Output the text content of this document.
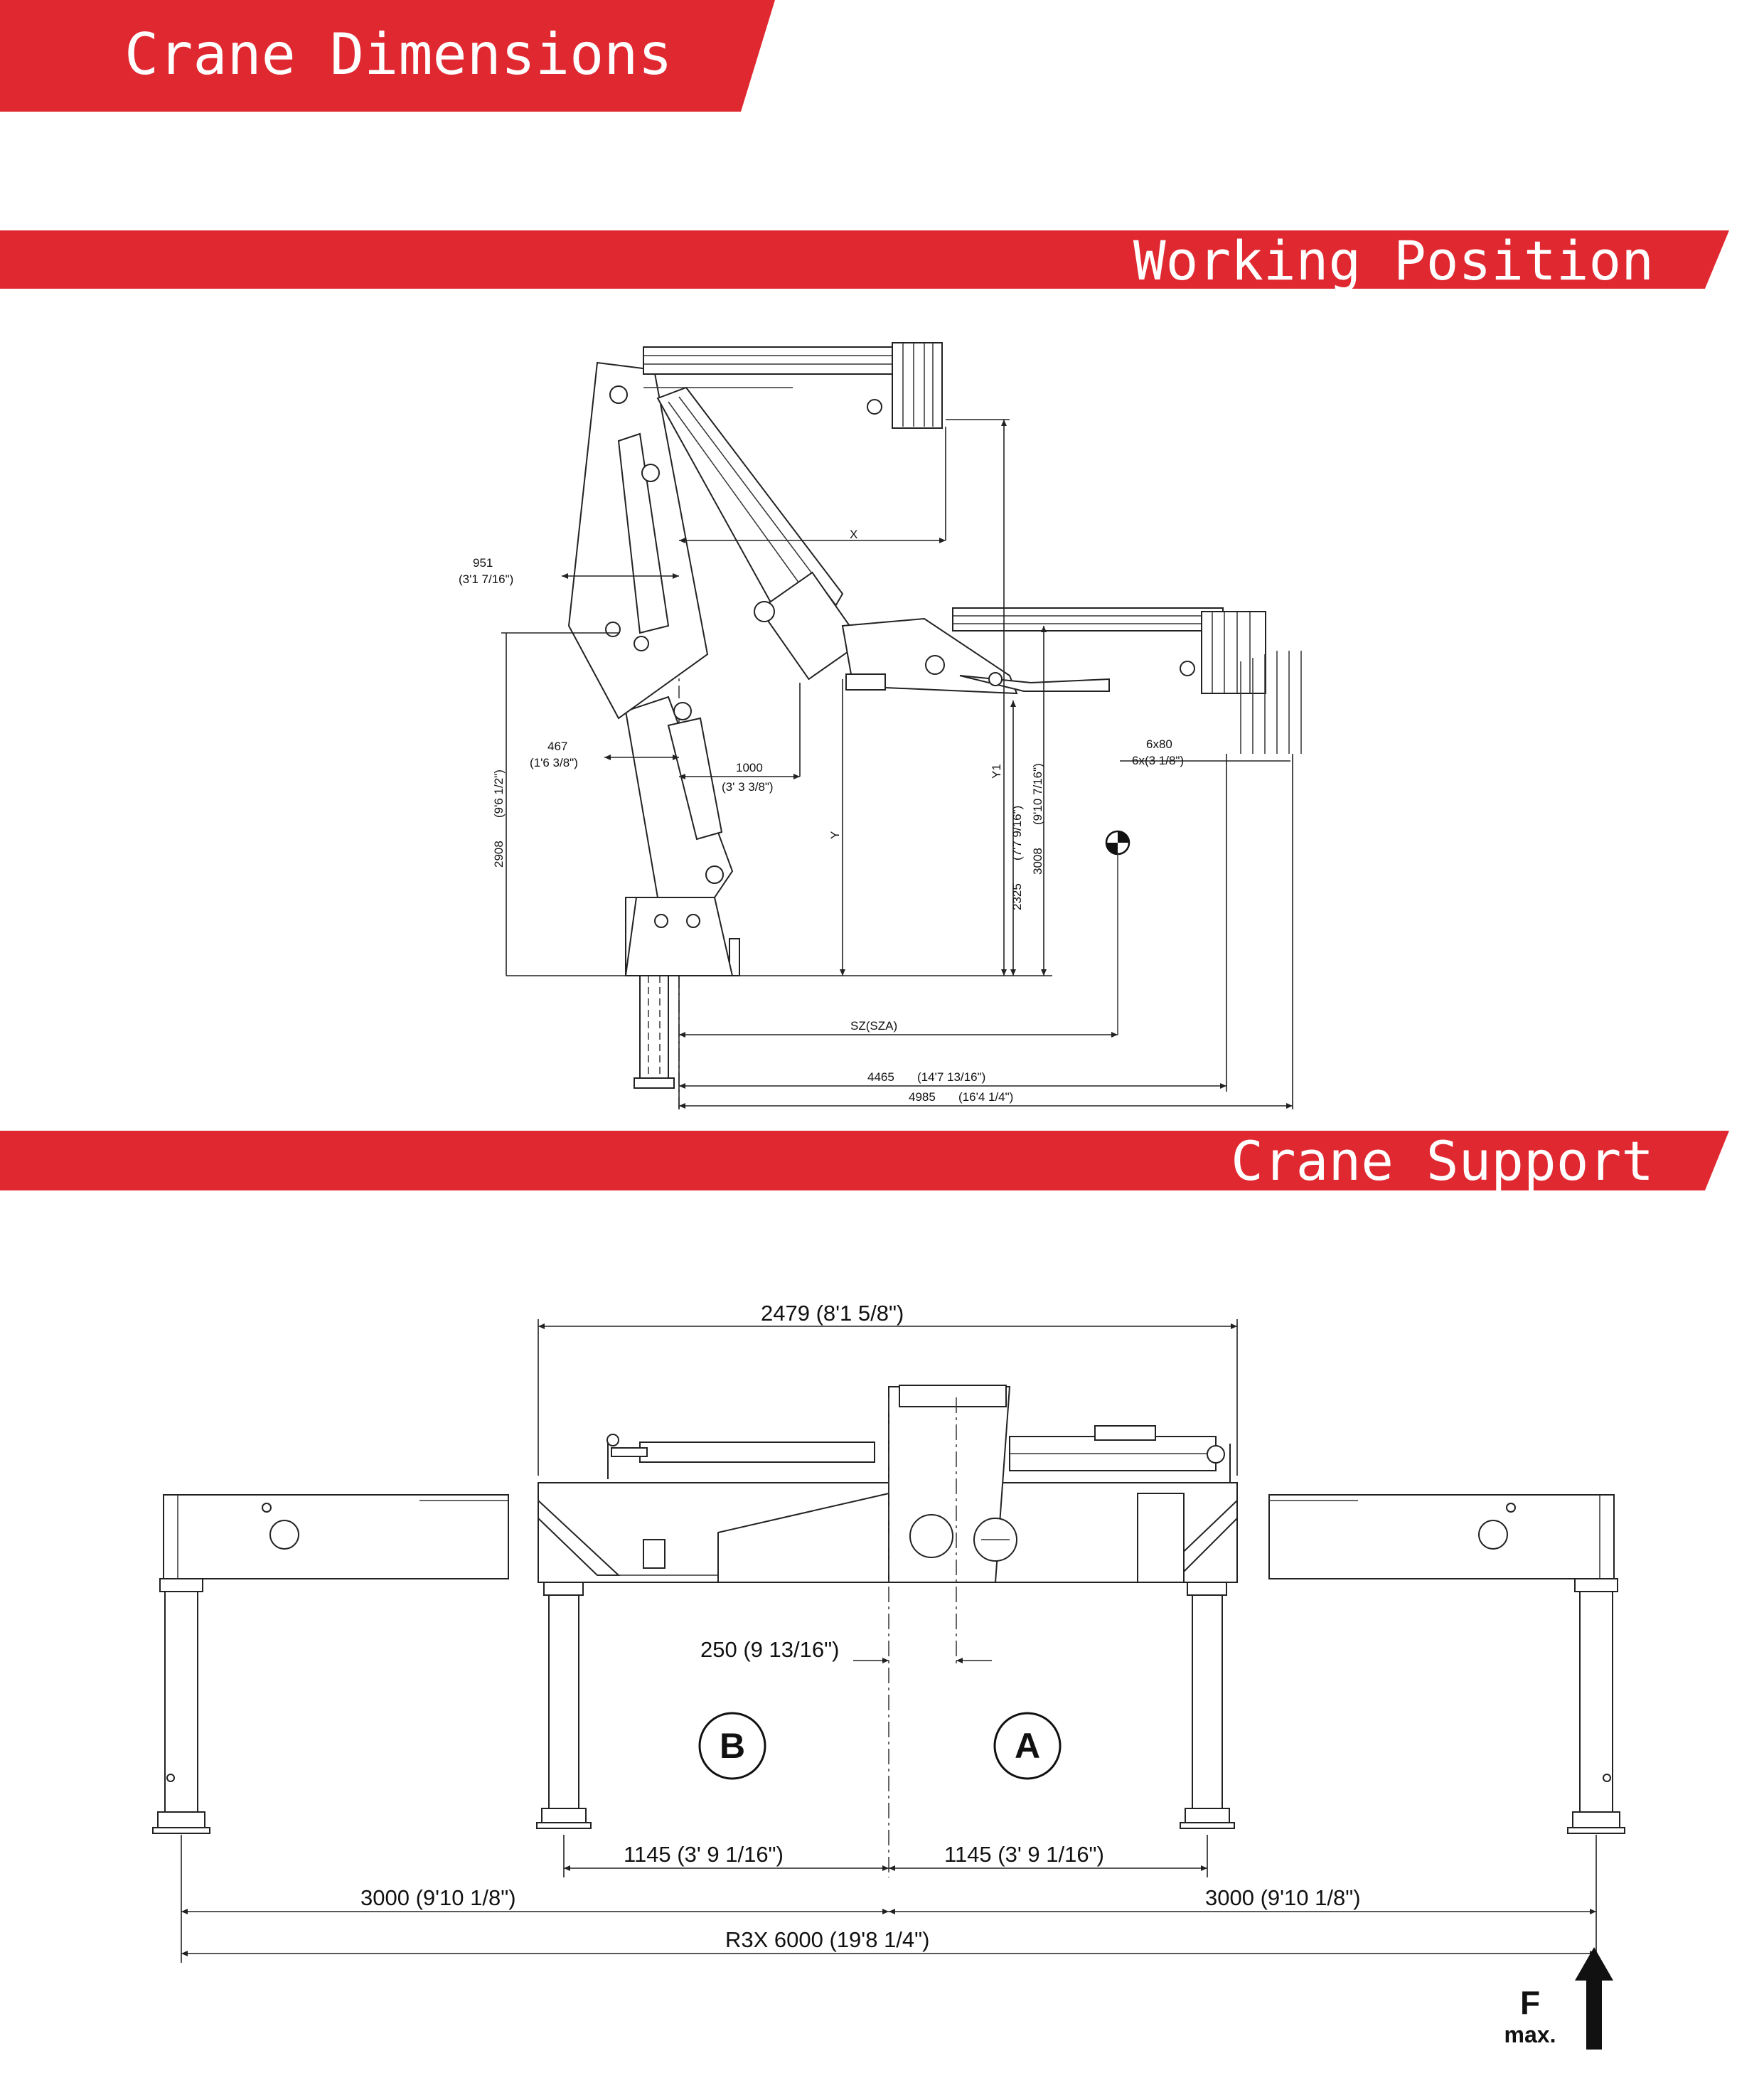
Crane Dimensions
Working Position
Crane Support
951
(3'1 7/16")
467
(1'6 3/8")	1000
(3' 3 3/8")
X
2908
(9'6 1/2")
Y
Y1
2325
(7'7 9/16")
3008
(9'10 7/16")
6x80
6x(3 1/8")
SZ(SZA)
4465 (14'7 13/16")
4985 (16'4 1/4")
2479 (8'1 5/8")
250 (9 13/16")
B	A
1145 (3' 9 1/16")	1145 (3' 9 1/16")
3000 (9'10 1/8")	3000 (9'10 1/8")
R3X 6000 (19'8 1/4")
F
max.
